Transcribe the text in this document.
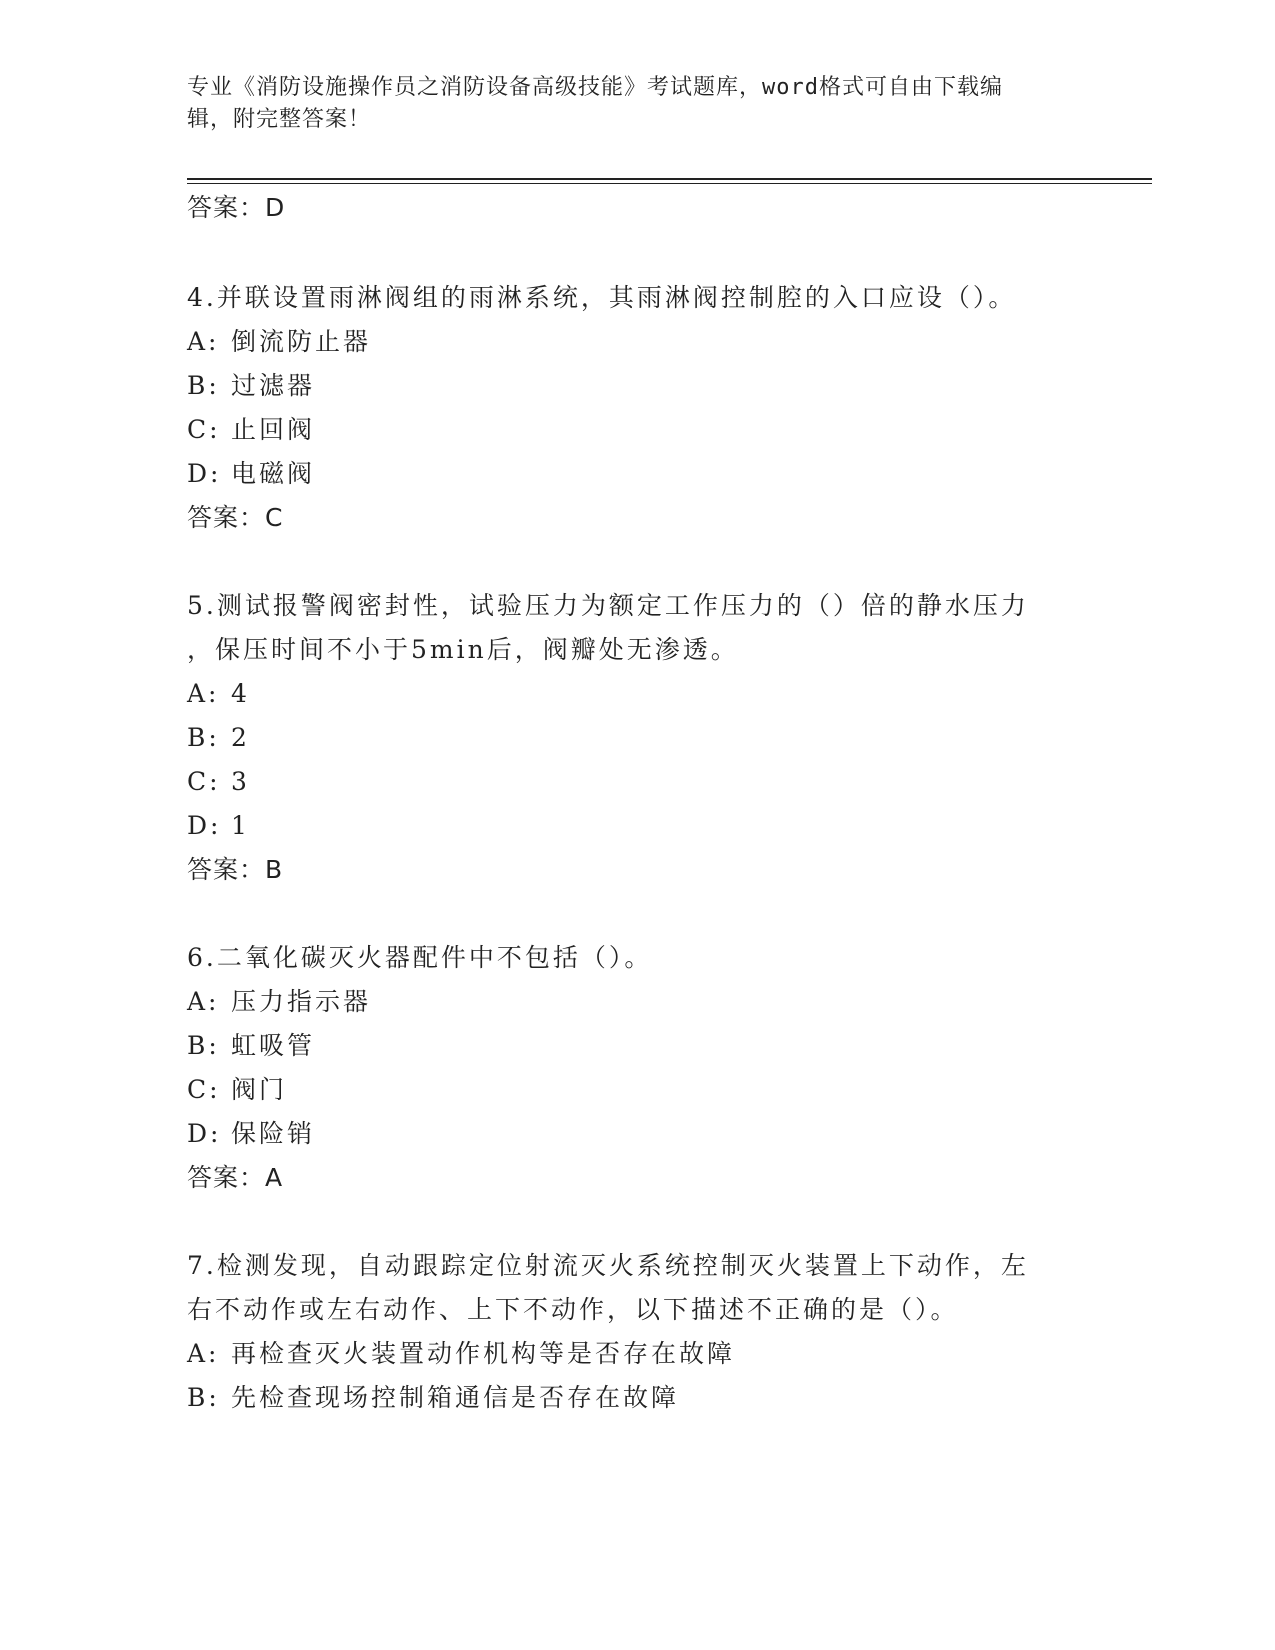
专业《消防设施操作员之消防设备高级技能》考试题库，word格式可自由下载编
辑，附完整答案！
答案：D
4.并联设置雨淋阀组的雨淋系统，其雨淋阀控制腔的入口应设（）。
A: 倒流防止器
B: 过滤器
C: 止回阀
D: 电磁阀
答案：C
5.测试报警阀密封性，试验压力为额定工作压力的（）倍的静水压力
，保压时间不小于5min后，阀瓣处无渗透。
A: 4
B: 2
C: 3
D: 1
答案：B
6.二氧化碳灭火器配件中不包括（）。
A: 压力指示器
B: 虹吸管
C: 阀门
D: 保险销
答案：A
7.检测发现，自动跟踪定位射流灭火系统控制灭火装置上下动作，左
右不动作或左右动作、上下不动作，以下描述不正确的是（）。
A: 再检查灭火装置动作机构等是否存在故障
B: 先检查现场控制箱通信是否存在故障
